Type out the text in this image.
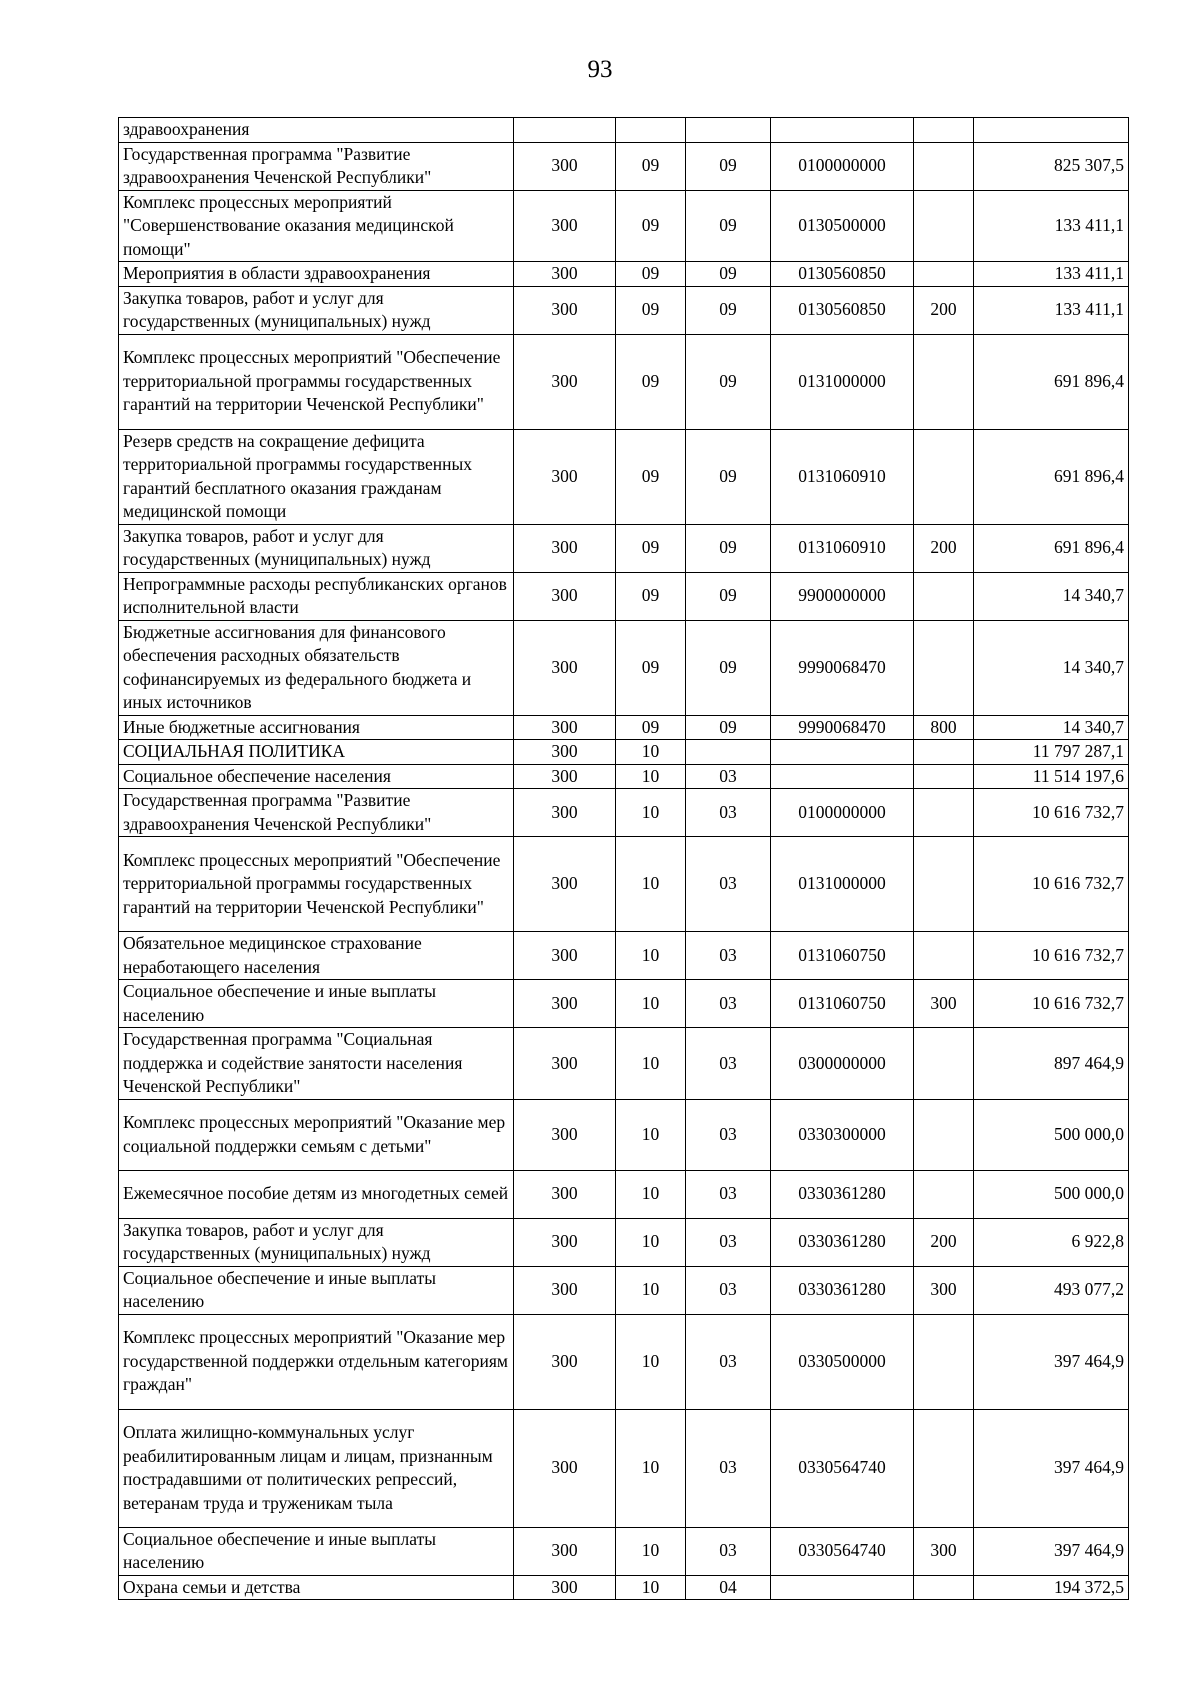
93
здравоохранения						
Государственная программа "Развитие здравоохранения Чеченской Республики"	300	09	09	0100000000		825 307,5
Комплекс процессных мероприятий "Совершенствование оказания медицинской помощи"	300	09	09	0130500000		133 411,1
Мероприятия в области здравоохранения	300	09	09	0130560850		133 411,1
Закупка товаров, работ и услуг для государственных (муниципальных) нужд	300	09	09	0130560850	200	133 411,1
Комплекс процессных мероприятий "Обеспечение территориальной программы государственных гарантий на территории Чеченской Республики"	300	09	09	0131000000		691 896,4
Резерв средств на сокращение дефицита территориальной программы государственных гарантий бесплатного оказания гражданам медицинской помощи	300	09	09	0131060910		691 896,4
Закупка товаров, работ и услуг для государственных (муниципальных) нужд	300	09	09	0131060910	200	691 896,4
Непрограммные расходы республиканских органов исполнительной власти	300	09	09	9900000000		14 340,7
Бюджетные ассигнования для финансового обеспечения расходных обязательств софинансируемых из федерального бюджета и иных источников	300	09	09	9990068470		14 340,7
Иные бюджетные ассигнования	300	09	09	9990068470	800	14 340,7
СОЦИАЛЬНАЯ ПОЛИТИКА	300	10				11 797 287,1
Социальное обеспечение населения	300	10	03			11 514 197,6
Государственная программа "Развитие здравоохранения Чеченской Республики"	300	10	03	0100000000		10 616 732,7
Комплекс процессных мероприятий "Обеспечение территориальной программы государственных гарантий на территории Чеченской Республики"	300	10	03	0131000000		10 616 732,7
Обязательное медицинское страхование неработающего населения	300	10	03	0131060750		10 616 732,7
Социальное обеспечение и иные выплаты населению	300	10	03	0131060750	300	10 616 732,7
Государственная программа "Социальная поддержка и содействие занятости населения Чеченской Республики"	300	10	03	0300000000		897 464,9
Комплекс процессных мероприятий "Оказание мер социальной поддержки семьям с детьми"	300	10	03	0330300000		500 000,0
Ежемесячное пособие детям из многодетных семей	300	10	03	0330361280		500 000,0
Закупка товаров, работ и услуг для государственных (муниципальных) нужд	300	10	03	0330361280	200	6 922,8
Социальное обеспечение и иные выплаты населению	300	10	03	0330361280	300	493 077,2
Комплекс процессных мероприятий "Оказание мер государственной поддержки отдельным категориям граждан"	300	10	03	0330500000		397 464,9
Оплата жилищно-коммунальных услуг реабилитированным лицам и лицам, признанным пострадавшими от политических репрессий, ветеранам труда и труженикам тыла	300	10	03	0330564740		397 464,9
Социальное обеспечение и иные выплаты населению	300	10	03	0330564740	300	397 464,9
Охрана семьи и детства	300	10	04			194 372,5
